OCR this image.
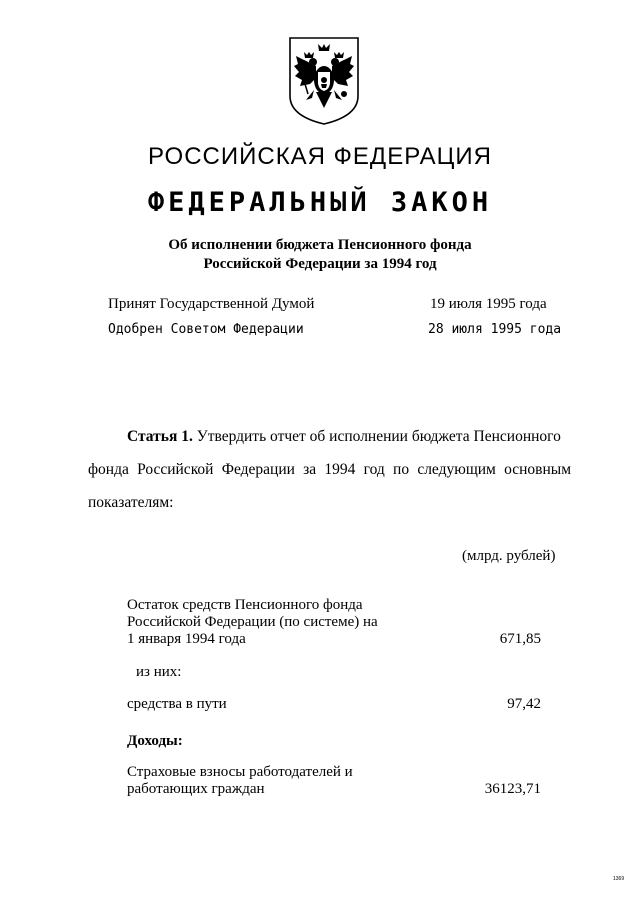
РОССИЙСКАЯ ФЕДЕРАЦИЯ
ФЕДЕРАЛЬНЫЙ ЗАКОН
Об исполнении бюджета Пенсионного фонда
Российской Федерации за 1994 год
Принят Государственной Думой	19 июля 1995 года
Одобрен Советом Федерации	28 июля 1995 года
Статья 1. Утвердить отчет об исполнении бюджета Пенсионного
фонда Российской Федерации за 1994 год по следующим основным показателям:
(млрд. рублей)
Остаток средств Пенсионного фонда
Российской Федерации (по системе) на
1 января 1994 года	671,85
из них:
средства в пути	97,42
Доходы:
Страховые взносы работодателей и
работающих граждан	36123,71
1369
